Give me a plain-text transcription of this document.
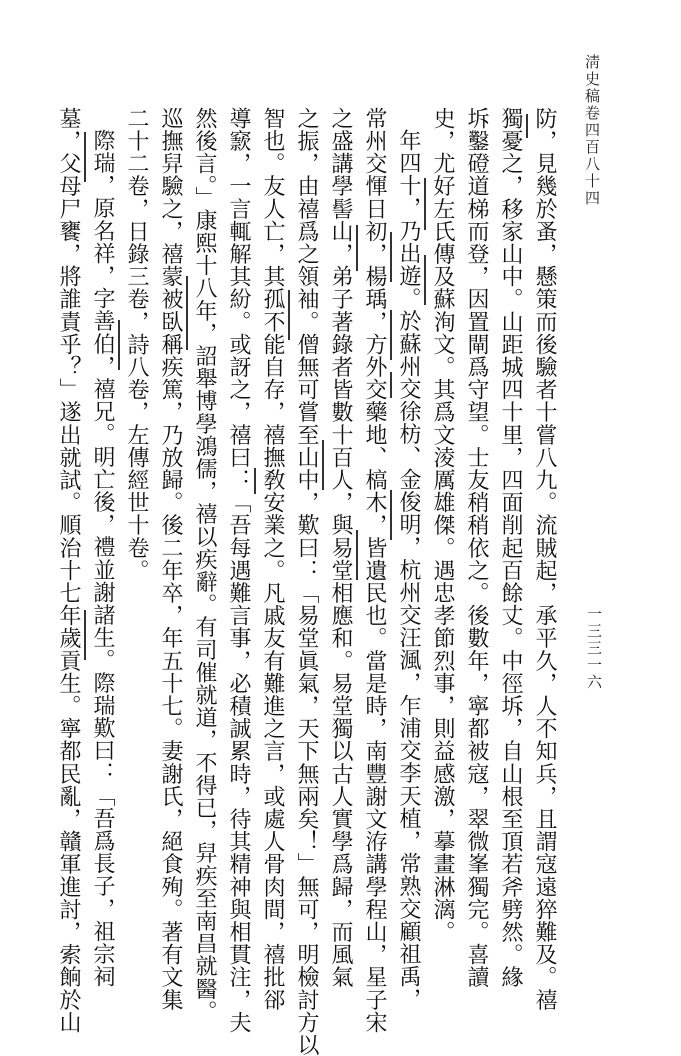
淸史稿卷四百八十四
一三三一六
防，見幾於蚤，懸策而後驗者十嘗八九。流賊起，承平久，人不知兵，且謂寇遠猝難及。禧
獨憂之，移家山中。山距城四十里，四面削起百餘丈。中徑坼，自山根至頂若斧劈然。緣
坼鑿磴道梯而登，因置閘爲守望。士友稍稍依之。後數年，寧都被寇，翠微峯獨完。喜讀
史，尤好左氏傳及蘇洵文。其爲文淩厲雄傑。遇忠孝節烈事，則益感激，摹畫淋漓。
年四十，乃出遊。於蘇州交徐枋、金俊明，杭州交汪渢，乍浦交李天植，常熟交顧祖禹，
常州交惲日初，楊瑀，方外交藥地、槁木，皆遺民也。當是時，南豐謝文洊講學程山，星子宋
之盛講學髻山，弟子著錄者皆數十百人，與易堂相應和。易堂獨以古人實學爲歸，而風氣
之振，由禧爲之領袖。僧無可嘗至山中，歎曰：「易堂眞氣，天下無兩矣！」無可，明檢討方以
智也。友人亡，其孤不能自存，禧撫敎安業之。凡戚友有難進之言，或處人骨肉間，禧批郤
導窾，一言輒解其紛。或訝之，禧曰：「吾每遇難言事，必積誠累時，待其精神與相貫注，夫
然後言。」康熙十八年，詔舉博學鴻儒，禧以疾辭。有司催就道，不得已，舁疾至南昌就醫。
巡撫舁驗之，禧蒙被臥稱疾篤，乃放歸。後二年卒，年五十七。妻謝氏，絕食殉。著有文集
二十二卷，日錄三卷，詩八卷，左傳經世十卷。
際瑞，原名祥，字善伯，禧兄。明亡後，禮並謝諸生。際瑞歎曰：「吾爲長子，祖宗祠
墓，父母尸饔，將誰責乎？」遂出就試。順治十七年歲貢生。寧都民亂，贛軍進討，索餉於山
